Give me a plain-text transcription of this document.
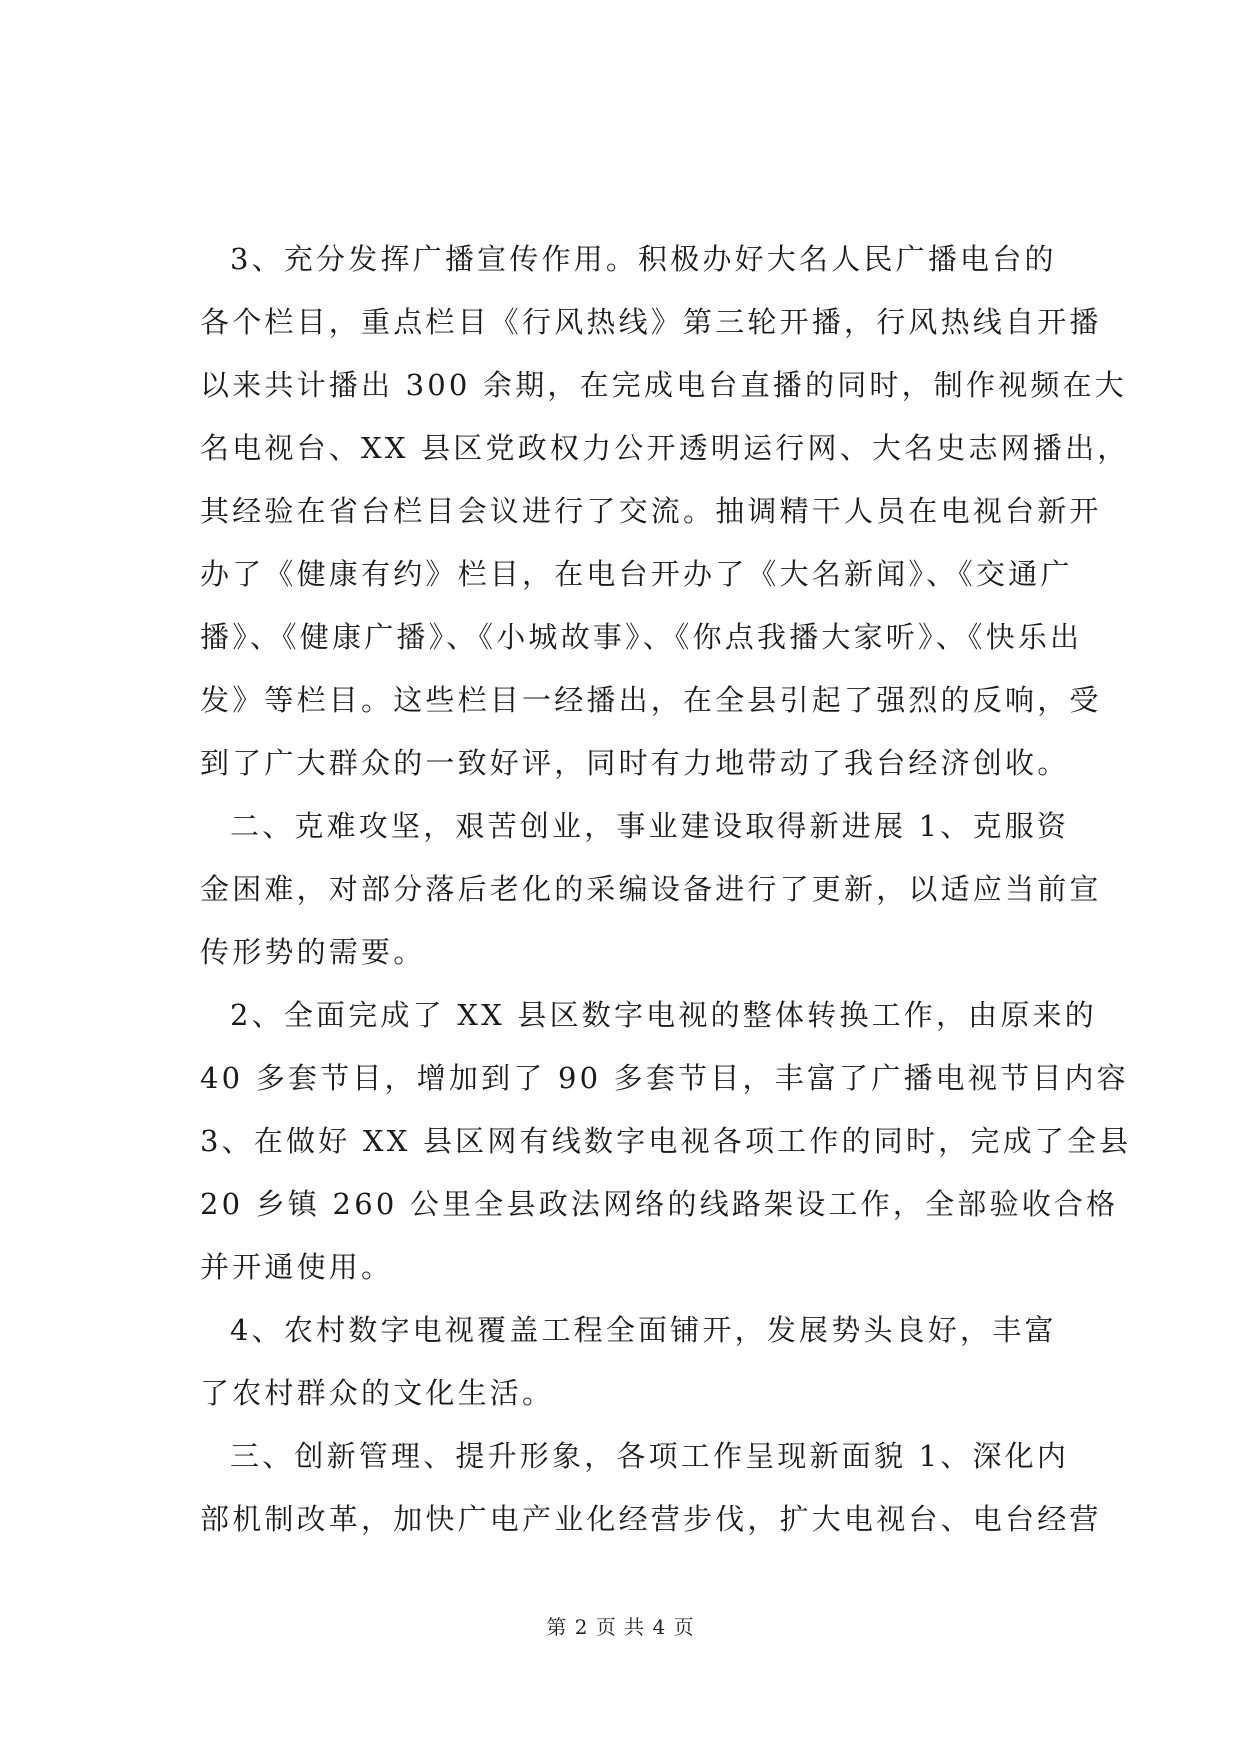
3、充分发挥广播宣传作用。积极办好大名人民广播电台的
各个栏目，重点栏目《行风热线》第三轮开播，行风热线自开播
以来共计播出 300 余期，在完成电台直播的同时，制作视频在大
名电视台、XX 县区党政权力公开透明运行网、大名史志网播出，
其经验在省台栏目会议进行了交流。抽调精干人员在电视台新开
办了《健康有约》栏目，在电台开办了《大名新闻》、《交通广
播》、《健康广播》、《小城故事》、《你点我播大家听》、《快乐出
发》等栏目。这些栏目一经播出，在全县引起了强烈的反响，受
到了广大群众的一致好评，同时有力地带动了我台经济创收。
二、克难攻坚，艰苦创业，事业建设取得新进展 1、克服资
金困难，对部分落后老化的采编设备进行了更新，以适应当前宣
传形势的需要。
2、全面完成了 XX 县区数字电视的整体转换工作，由原来的
40 多套节目，增加到了 90 多套节目，丰富了广播电视节目内容
3、在做好 XX 县区网有线数字电视各项工作的同时，完成了全县
20 乡镇 260 公里全县政法网络的线路架设工作，全部验收合格
并开通使用。
4、农村数字电视覆盖工程全面铺开，发展势头良好，丰富
了农村群众的文化生活。
三、创新管理、提升形象，各项工作呈现新面貌 1、深化内
部机制改革，加快广电产业化经营步伐，扩大电视台、电台经营
第 2 页 共 4 页
